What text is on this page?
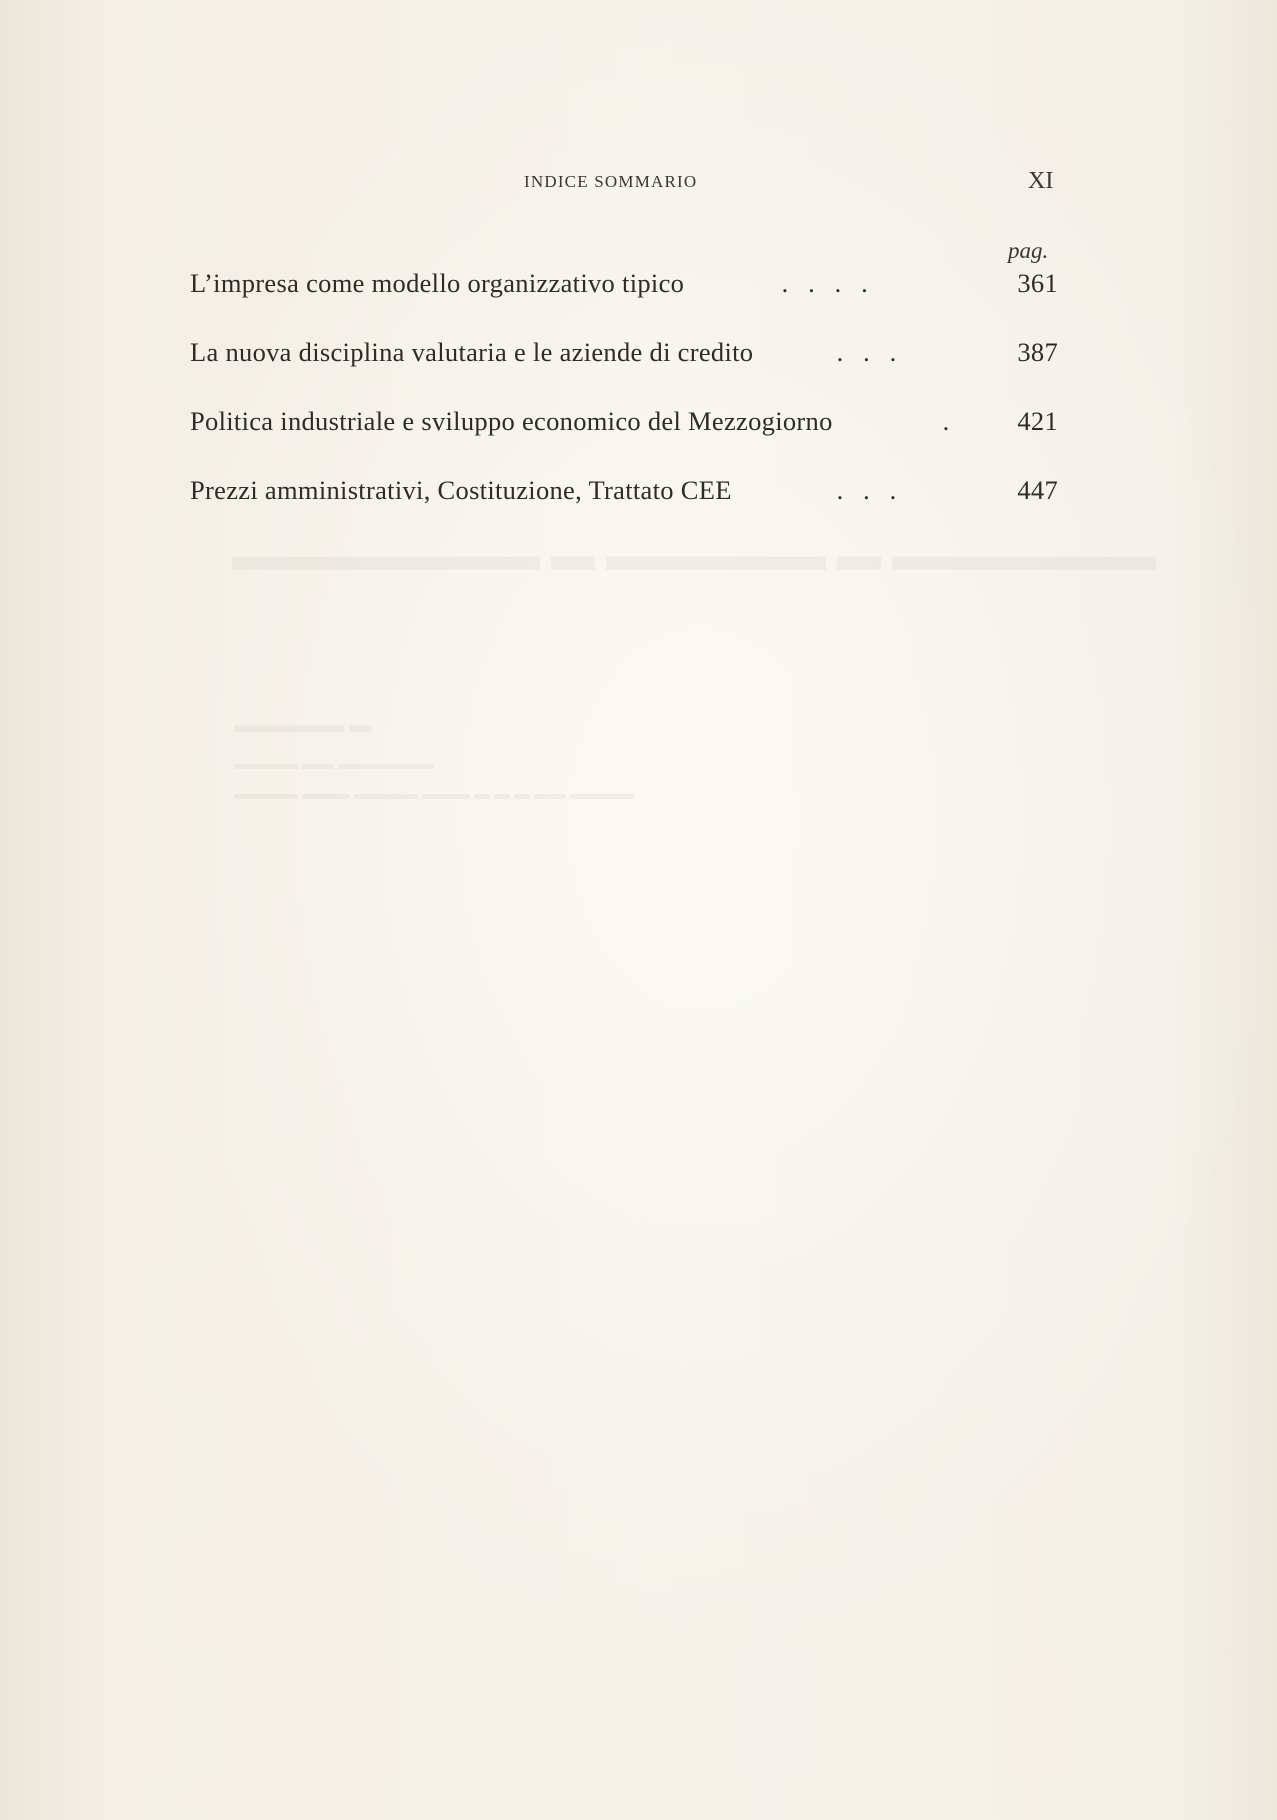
INDICE SOMMARIO	XI
pag.
L’impresa come modello organizzativo tipico	.   .   .   .	361
La nuova disciplina valutaria e le aziende di credito	.   .   .	387
Politica industriale e sviluppo economico del Mezzogiorno	.	421
Prezzi amministrativi, Costituzione, Trattato CEE	.   .   .	447
▬▬▬▬▬▬▬ ▬ ▬▬▬▬▬ ▬ ▬▬▬▬▬▬
▬▬▬▬▬ ▬
▬▬▬▬ ▬▬ ▬▬▬▬▬▬
▬▬▬▬ ▬▬▬ ▬▬▬▬ ▬▬▬ ▬ ▬ ▬ ▬▬ ▬▬▬▬
